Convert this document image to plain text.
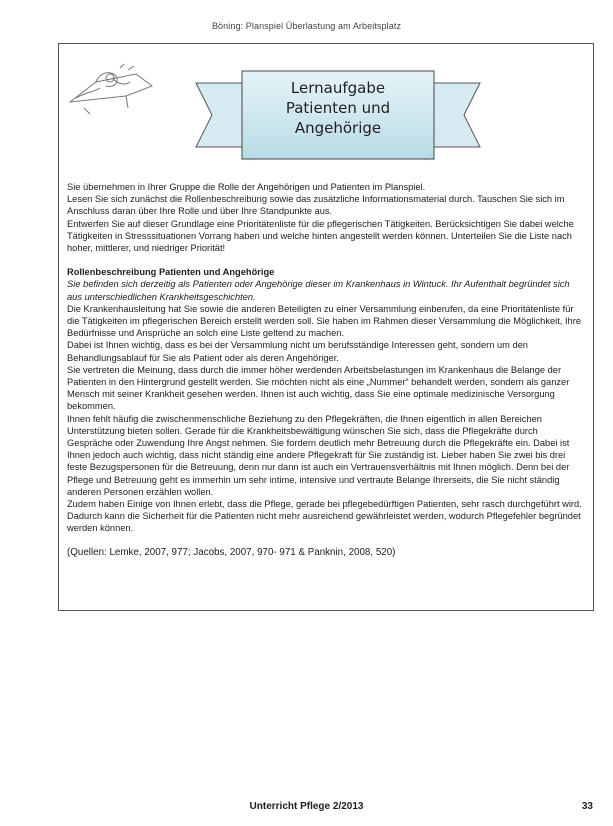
Böning: Planspiel Überlastung am Arbeitsplatz
Lernaufgabe
Patienten und
Angehörige

Sie übernehmen in Ihrer Gruppe die Rolle der Angehörigen und Patienten im Planspiel.

Lesen Sie sich zunächst die Rollenbeschreibung sowie das zusätzliche Informationsmaterial durch. Tauschen Sie sich im Anschluss daran über Ihre Rolle und über Ihre Standpunkte aus.

Entwerfen Sie auf dieser Grundlage eine Prioritätenliste für die pflegerischen Tätigkeiten. Berücksichtigen Sie dabei welche Tätigkeiten in Stresssituationen Vorrang haben und welche hinten angestellt werden können. Unterteilen Sie die Liste nach hoher, mittlerer, und niedriger Priorität!

Rollenbeschreibung Patienten und Angehörige

Sie befinden sich derzeitig als Patienten oder Angehörige dieser im Krankenhaus in Wintuck. Ihr Aufenthalt begründet sich aus unterschiedlichen Krankheitsgeschichten.

Die Krankenhausleitung hat Sie sowie die anderen Beteiligten zu einer Versammlung einberufen, da eine Prioritätenliste für die Tätigkeiten im pflegerischen Bereich erstellt werden soll. Sie haben im Rahmen dieser Versammlung die Möglichkeit, Ihre Bedürfnisse und Ansprüche an solch eine Liste geltend zu machen.

Dabei ist Ihnen wichtig, dass es bei der Versammlung nicht um berufsständige Interessen geht, sondern um den Behandlungsablauf für Sie als Patient oder als deren Angehöriger.

Sie vertreten die Meinung, dass durch die immer höher werdenden Arbeitsbelastungen im Krankenhaus die Belange der Patienten in den Hintergrund gestellt werden. Sie möchten nicht als eine „Nummer“ behandelt werden, sondern als ganzer Mensch mit seiner Krankheit gesehen werden. Ihnen ist auch wichtig, dass Sie eine optimale medizinische Versorgung bekommen.

Ihnen fehlt häufig die zwischenmenschliche Beziehung zu den Pflegekräften, die Ihnen eigentlich in allen Bereichen Unterstützung bieten sollen. Gerade für die Krankheitsbewältigung wünschen Sie sich, dass die Pflegekräfte durch Gespräche oder Zuwendung Ihre Angst nehmen. Sie fordern deutlich mehr Betreuung durch die Pflegekräfte ein. Dabei ist Ihnen jedoch auch wichtig, dass nicht ständig eine andere Pflegekraft für Sie zuständig ist. Lieber haben Sie zwei bis drei feste Bezugspersonen für die Betreuung, denn nur dann ist auch ein Vertrauensverhältnis mit Ihnen möglich. Denn bei der Pflege und Betreuung geht es immerhin um sehr intime, intensive und vertraute Belange Ihrerseits, die Sie nicht ständig anderen Personen erzählen wollen.

Zudem haben Einige von Ihnen erlebt, dass die Pflege, gerade bei pflegebedürftigen Patienten, sehr rasch durchgeführt wird. Dadurch kann die Sicherheit für die Patienten nicht mehr ausreichend gewährleistet werden, wodurch Pflegefehler begründet werden können.

(Quellen: Lemke, 2007, 977; Jacobs, 2007, 970- 971 & Panknin, 2008, 520)

Unterricht Pflege 2/2013	33
